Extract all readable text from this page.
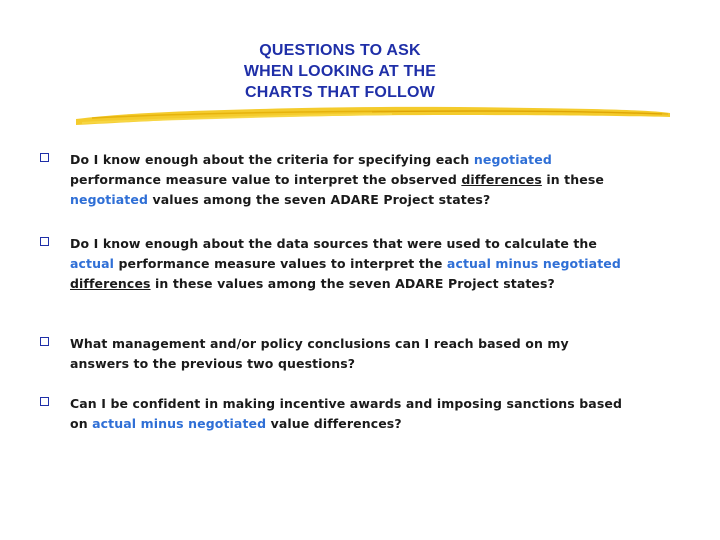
QUESTIONS TO ASK
WHEN LOOKING AT THE
CHARTS THAT FOLLOW
Do I know enough about the criteria for specifying each negotiated performance measure value to interpret the observed differences in these negotiated values among the seven ADARE Project states?
Do I know enough about the data sources that were used to calculate the actual performance measure values to interpret the actual minus negotiated differences in these values among the seven ADARE Project states?
What management and/or policy conclusions can I reach based on my answers to the previous two questions?
Can I be confident in making incentive awards and imposing sanctions based on actual minus negotiated value differences?
